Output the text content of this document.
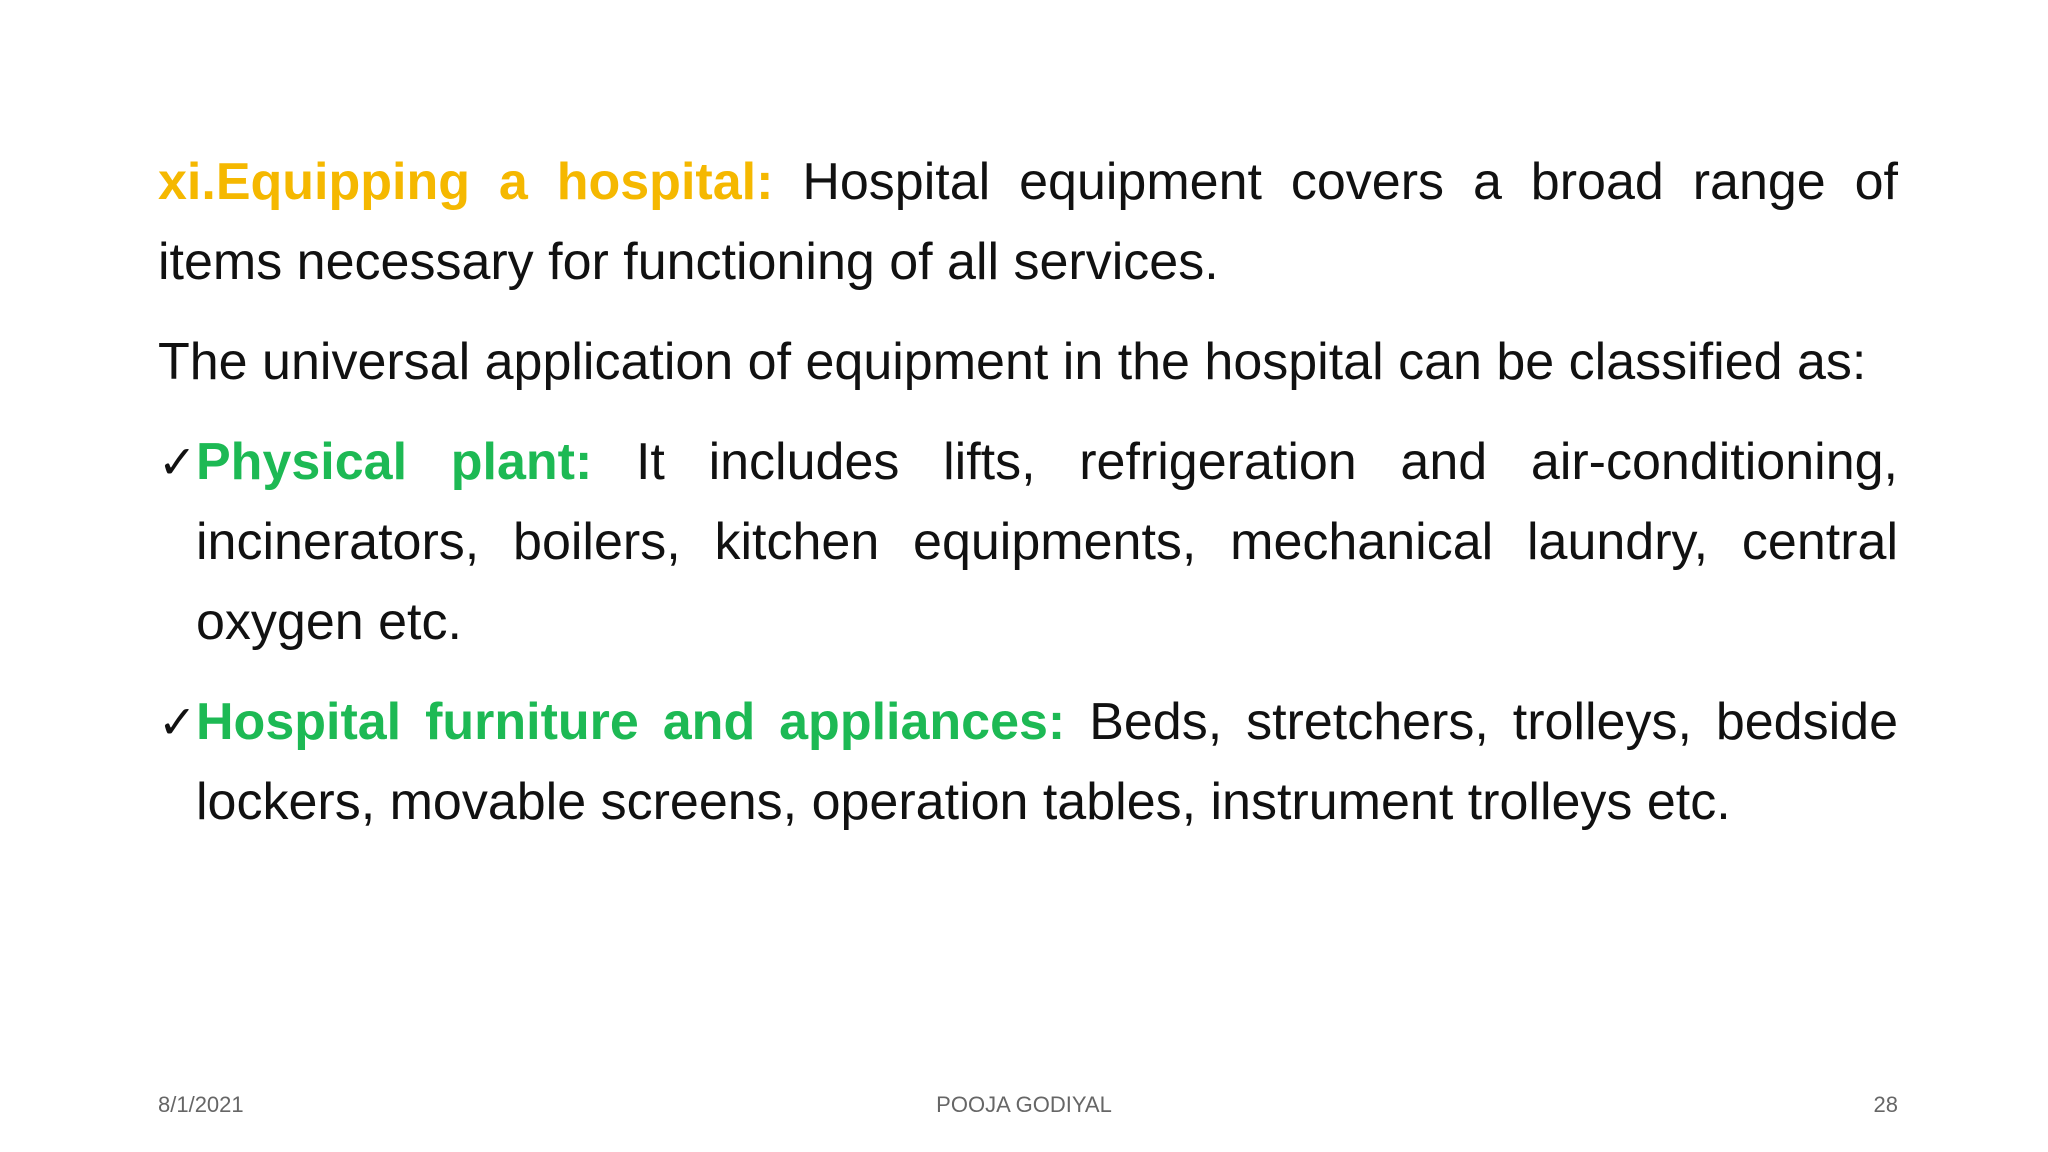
xi.Equipping a hospital: Hospital equipment covers a broad range of items necessary for functioning of all services.

The universal application of equipment in the hospital can be classified as:

✓ Physical plant: It includes lifts, refrigeration and air-conditioning, incinerators, boilers, kitchen equipments, mechanical laundry, central oxygen etc.
✓ Hospital furniture and appliances: Beds, stretchers, trolleys, bedside lockers, movable screens, operation tables, instrument trolleys etc.
8/1/2021	POOJA GODIYAL	28
